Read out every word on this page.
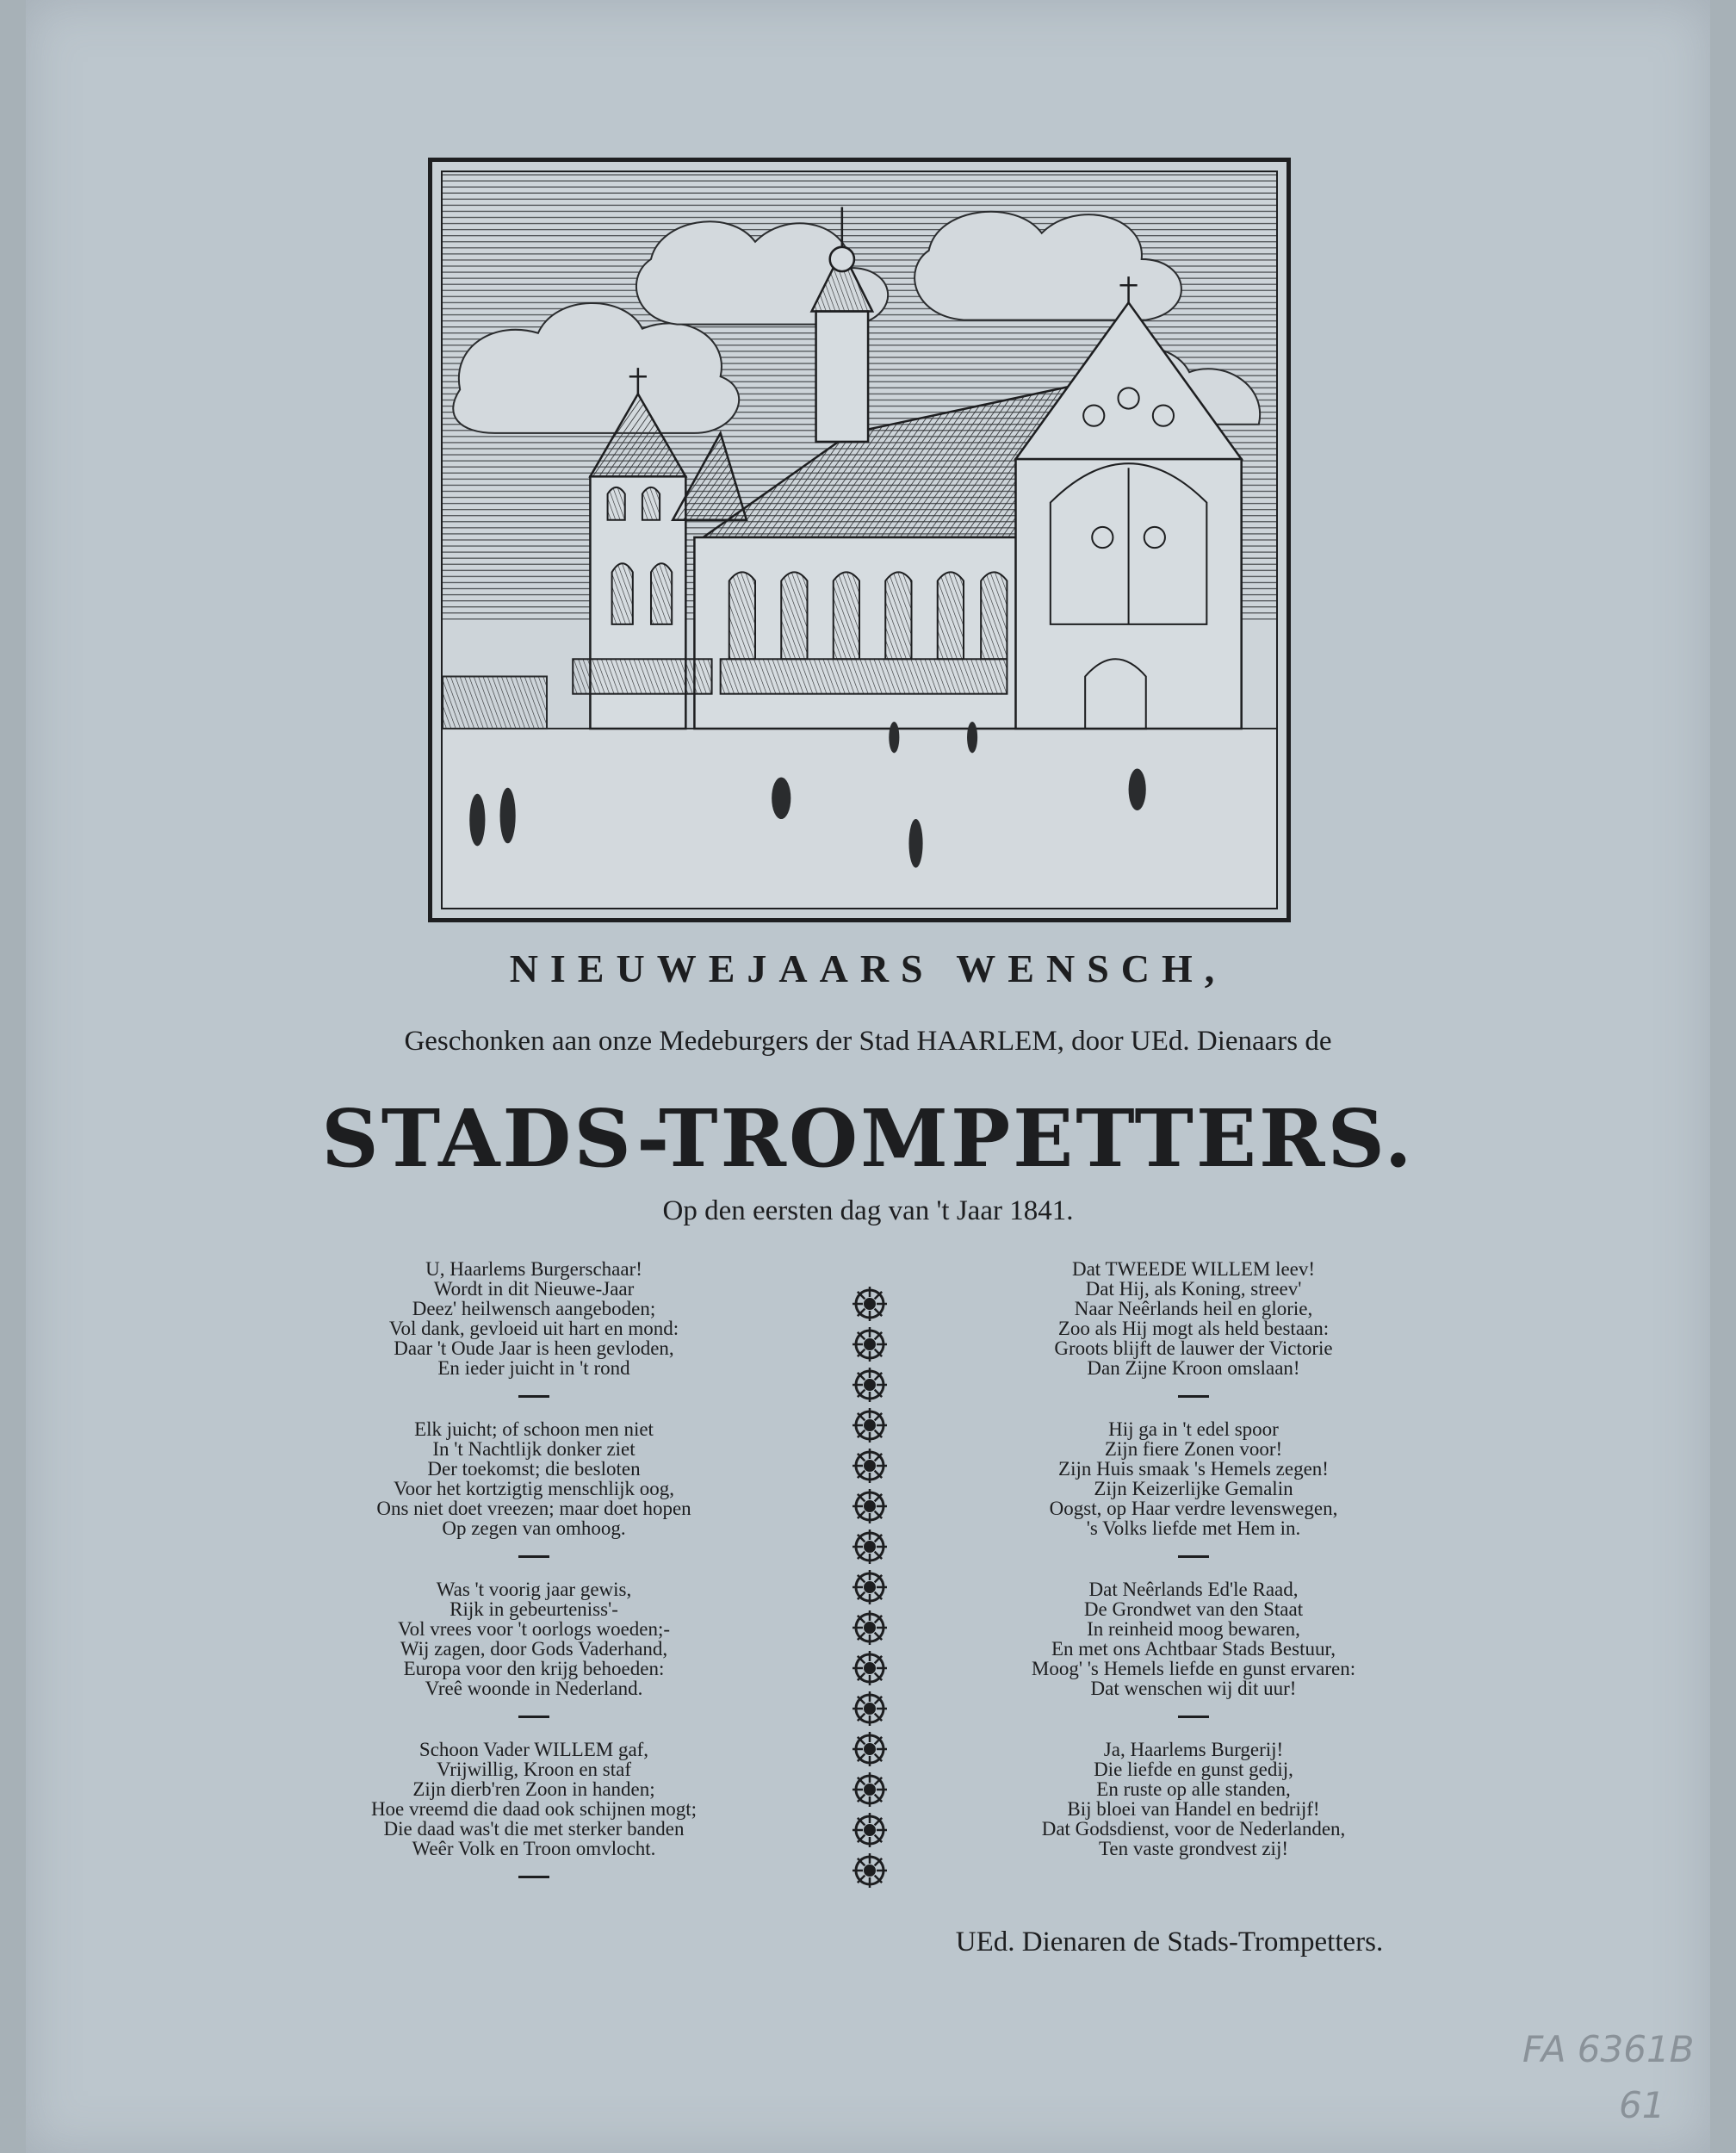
NIEUWEJAARS WENSCH,
Geschonken aan onze Medeburgers der Stad HAARLEM, door UEd. Dienaars de
STADS-TROMPETTERS.
Op den eersten dag van 't Jaar 1841.
U, Haarlems Burgerschaar!
Wordt in dit Nieuwe-Jaar
Deez' heilwensch aangeboden;
Vol dank, gevloeid uit hart en mond:
Daar 't Oude Jaar is heen gevloden,
En ieder juicht in 't rond
Elk juicht; of schoon men niet
In 't Nachtlijk donker ziet
Der toekomst; die besloten
Voor het kortzigtig menschlijk oog,
Ons niet doet vreezen; maar doet hopen
Op zegen van omhoog.
Was 't voorig jaar gewis,
Rijk in gebeurteniss'-
Vol vrees voor 't oorlogs woeden;-
Wij zagen, door Gods Vaderhand,
Europa voor den krijg behoeden:
Vreê woonde in Nederland.
Schoon Vader WILLEM gaf,
Vrijwillig, Kroon en staf
Zijn dierb'ren Zoon in handen;
Hoe vreemd die daad ook schijnen mogt;
Die daad was't die met sterker banden
Weêr Volk en Troon omvlocht.
Dat TWEEDE WILLEM leev!
Dat Hij, als Koning, streev'
Naar Neêrlands heil en glorie,
Zoo als Hij mogt als held bestaan:
Groots blijft de lauwer der Victorie
Dan Zijne Kroon omslaan!
Hij ga in 't edel spoor
Zijn fiere Zonen voor!
Zijn Huis smaak 's Hemels zegen!
Zijn Keizerlijke Gemalin
Oogst, op Haar verdre levenswegen,
's Volks liefde met Hem in.
Dat Neêrlands Ed'le Raad,
De Grondwet van den Staat
In reinheid moog bewaren,
En met ons Achtbaar Stads Bestuur,
Moog' 's Hemels liefde en gunst ervaren:
Dat wenschen wij dit uur!
Ja, Haarlems Burgerij!
Die liefde en gunst gedij,
En ruste op alle standen,
Bij bloei van Handel en bedrijf!
Dat Godsdienst, voor de Nederlanden,
Ten vaste grondvest zij!
UEd. Dienaren de Stads-Trompetters.
FA 6361B
61
